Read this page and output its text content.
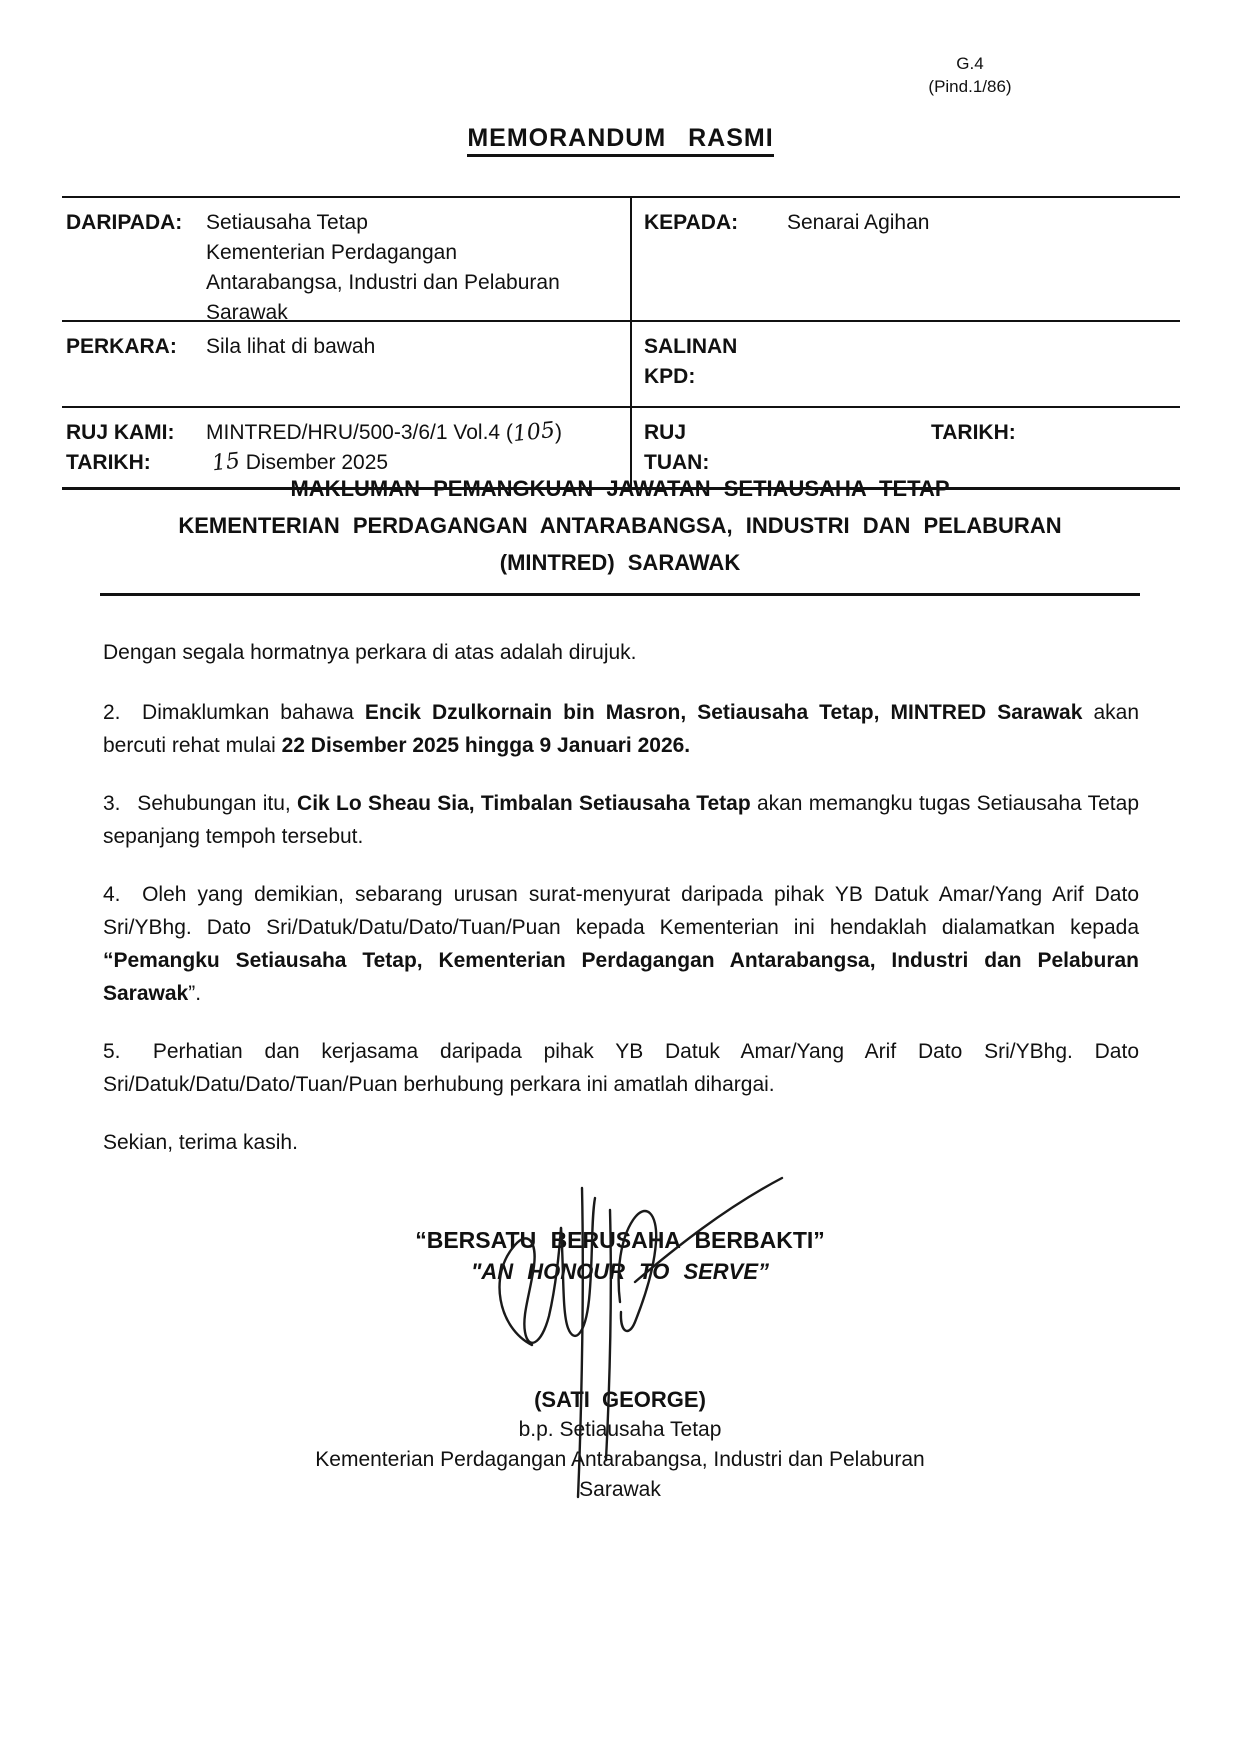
G.4
(Pind.1/86)
MEMORANDUM RASMI
DARIPADA:	Setiausaha Tetap
Kementerian Perdagangan
Antarabangsa, Industri dan Pelaburan
Sarawak
KEPADA:	Senarai Agihan
PERKARA:	Sila lihat di bawah	SALINAN
KPD:
RUJ KAMI:	MINTRED/HRU/500-3/6/1 Vol.4 (105)
TARIKH:	15 Disember 2025
RUJ
TUAN:
TARIKH:
MAKLUMAN PEMANGKUAN JAWATAN SETIAUSAHA TETAP
KEMENTERIAN PERDAGANGAN ANTARABANGSA, INDUSTRI DAN PELABURAN
(MINTRED) SARAWAK

Dengan segala hormatnya perkara di atas adalah dirujuk.

2.  Dimaklumkan bahawa Encik Dzulkornain bin Masron, Setiausaha Tetap, MINTRED Sarawak akan bercuti rehat mulai 22 Disember 2025 hingga 9 Januari 2026.

3.  Sehubungan itu, Cik Lo Sheau Sia, Timbalan Setiausaha Tetap akan memangku tugas Setiausaha Tetap sepanjang tempoh tersebut.

4.  Oleh yang demikian, sebarang urusan surat-menyurat daripada pihak YB Datuk Amar/Yang Arif Dato Sri/YBhg. Dato Sri/Datuk/Datu/Dato/Tuan/Puan kepada Kementerian ini hendaklah dialamatkan kepada “Pemangku Setiausaha Tetap, Kementerian Perdagangan Antarabangsa, Industri dan Pelaburan Sarawak”.

5.  Perhatian dan kerjasama daripada pihak YB Datuk Amar/Yang Arif Dato Sri/YBhg. Dato Sri/Datuk/Datu/Dato/Tuan/Puan berhubung perkara ini amatlah dihargai.

Sekian, terima kasih.

“BERSATU BERUSAHA BERBAKTI”
"AN HONOUR TO SERVE”
(SATI GEORGE)
b.p. Setiausaha Tetap
Kementerian Perdagangan Antarabangsa, Industri dan Pelaburan
Sarawak
